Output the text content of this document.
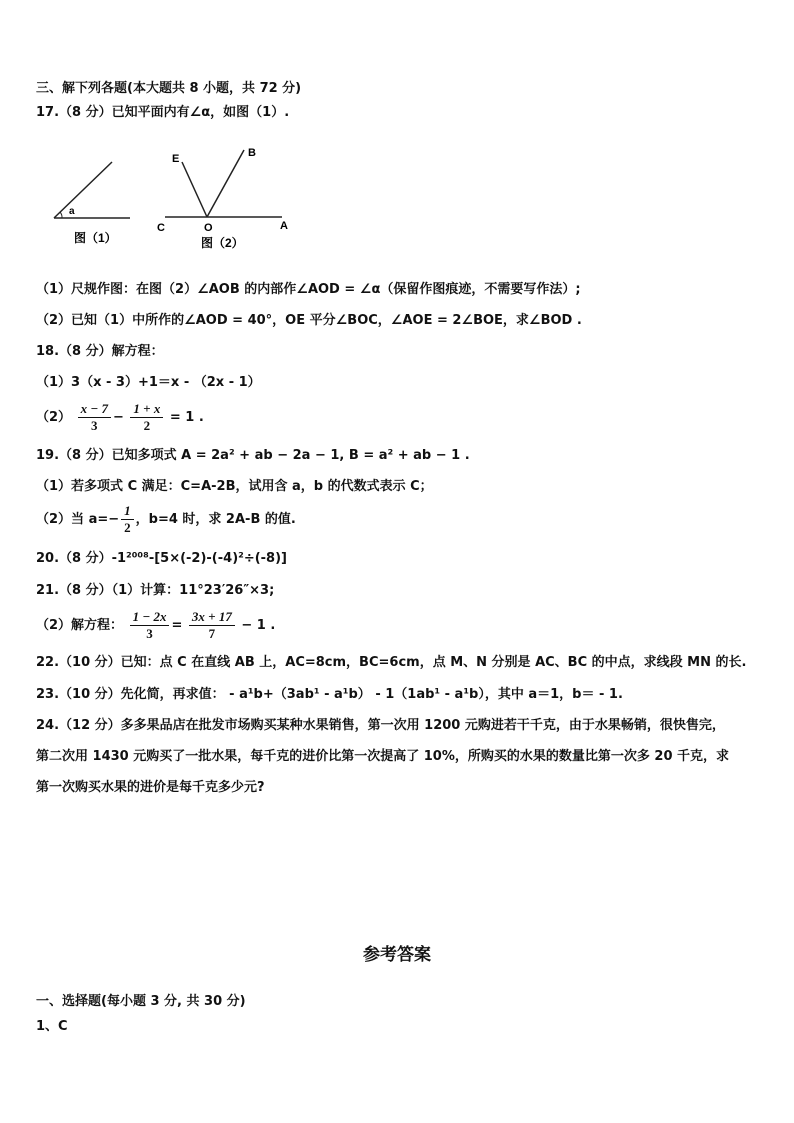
三、解下列各题(本大题共 8 小题，共 72 分)
17.（8 分）已知平面内有∠α，如图（1）.
a
图（1）
E	B
C	O	A
图（2）
（1）尺规作图：在图（2）∠AOB 的内部作∠AOD = ∠α（保留作图痕迹，不需要写作法）;
（2）已知（1）中所作的∠AOD = 40°，OE 平分∠BOC，∠AOE = 2∠BOE，求∠BOD .
18.（8 分）解方程：
（1）3（x - 3）+1＝x - （2x - 1）
$(2) \frac{x - 7}{3} - \frac{1 + x}{2} = 1$ .
19.（8 分）已知多项式 A = 2a² + ab − 2a − 1, B = a² + ab − 1 .
（1）若多项式 C 满足：C=A-2B，试用含 a，b 的代数式表示 C；
（2）当 $a=- \frac{1}{2}$ ，b=4 时，求 2A-B 的值.
20.（8 分）-1²⁰⁰⁸-[5×(-2)-(-4)²÷(-8)]
21.（8 分）（1）计算：11°23′26″×3;
（2）解方程： $\frac{1 - 2x}{3} = \frac{3x + 17}{7} - 1$ .
22.（10 分）已知：点 C 在直线 AB 上，AC=8cm，BC=6cm，点 M、N 分别是 AC、BC 的中点，求线段 MN 的长.
23.（10 分）先化简，再求值： - a¹b+（3ab¹ - a¹b） - 1（1ab¹ - a¹b），其中 a＝1，b＝ - 1.
24.（12 分）多多果品店在批发市场购买某种水果销售，第一次用 1200 元购进若干千克，由于水果畅销，很快售完，
第二次用 1430 元购买了一批水果，每千克的进价比第一次提高了 10%，所购买的水果的数量比第一次多 20 千克，求
第一次购买水果的进价是每千克多少元?
参考答案
一、选择题(每小题 3 分, 共 30 分)
1、C
